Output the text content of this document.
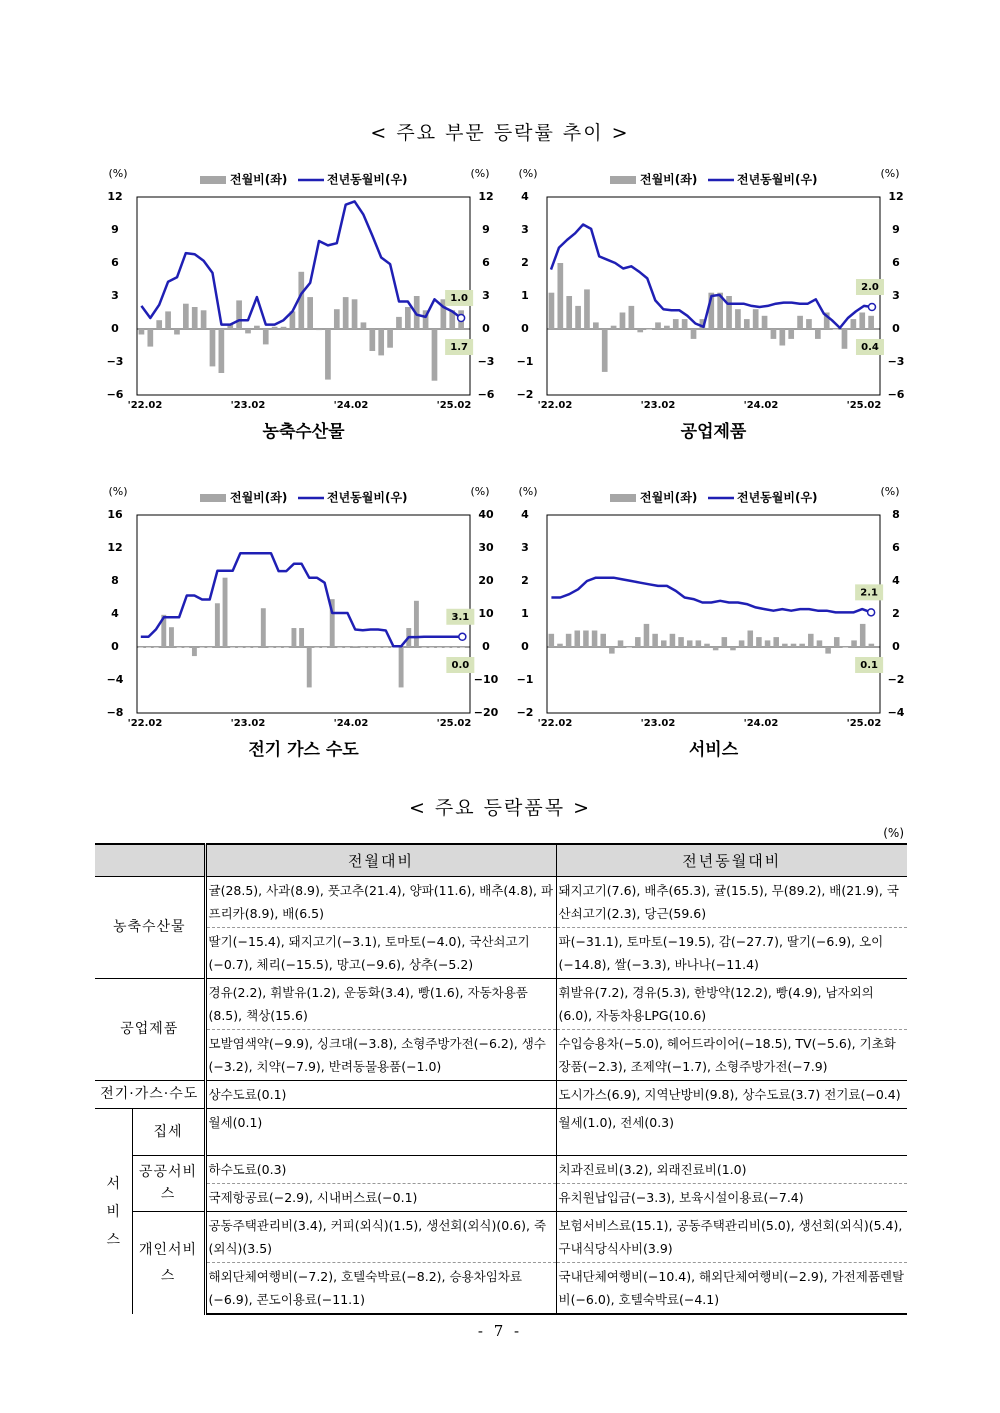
< 주요 부문 등락률 추이 >
(%)	(%)
12
9
6
3
0
−3
−6
12
9
6
3
0
−3
−6
전월비(좌)	전년동월비(우)
1.0
1.7
'22.02	'23.02	'24.02	'25.02
농축수산물
(%)	(%)
4
3
2
1
0
−1
−2
12
9
6
3
0
−3
−6
전월비(좌)	전년동월비(우)
2.0
0.4
'22.02	'23.02	'24.02	'25.02
공업제품
(%)	(%)
16
12
8
4
0
−4
−8
40
30
20
10
0
−10
−20
전월비(좌)	전년동월비(우)
3.1
0.0
'22.02	'23.02	'24.02	'25.02
전기 가스 수도
(%)	(%)
4
3
2
1
0
−1
−2
8
6
4
2
0
−2
−4
전월비(좌)	전년동월비(우)
2.1
0.1
'22.02	'23.02	'24.02	'25.02
서비스
< 주요 등락품목 >
(%)
		전월대비	전년동월대비
농축수산물		귤(28.5), 사과(8.9), 풋고추(21.4), 양파(11.6), 배추(4.8), 파프리카(8.9), 배(6.5)	돼지고기(7.6), 배추(65.3), 귤(15.5), 무(89.2), 배(21.9), 국산쇠고기(2.3), 당근(59.6)
		딸기(−15.4), 돼지고기(−3.1), 토마토(−4.0), 국산쇠고기(−0.7), 체리(−15.5), 망고(−9.6), 상추(−5.2)	파(−31.1), 토마토(−19.5), 감(−27.7), 딸기(−6.9), 오이(−14.8), 쌀(−3.3), 바나나(−11.4)
공업제품		경유(2.2), 휘발유(1.2), 운동화(3.4), 빵(1.6), 자동차용품(8.5), 책상(15.6)	휘발유(7.2), 경유(5.3), 한방약(12.2), 빵(4.9), 남자외의(6.0), 자동차용LPG(10.6)
		모발염색약(−9.9), 싱크대(−3.8), 소형주방가전(−6.2), 생수(−3.2), 치약(−7.9), 반려동물용품(−1.0)	수입승용차(−5.0), 헤어드라이어(−18.5), TV(−5.6), 기초화장품(−2.3), 조제약(−1.7), 소형주방가전(−7.9)
전기·가스·수도		상수도료(0.1)	도시가스(6.9), 지역난방비(9.8), 상수도료(3.7) 전기료(−0.4)
서비스	집세	월세(0.1)	월세(1.0), 전세(0.3)
	공공서비스	하수도료(0.3)	치과진료비(3.2), 외래진료비(1.0)
		국제항공료(−2.9), 시내버스료(−0.1)	유치원납입금(−3.3), 보육시설이용료(−7.4)
	개인서비스	공동주택관리비(3.4), 커피(외식)(1.5), 생선회(외식)(0.6), 죽(외식)(3.5)	보험서비스료(15.1), 공동주택관리비(5.0), 생선회(외식)(5.4), 구내식당식사비(3.9)
		해외단체여행비(−7.2), 호텔숙박료(−8.2), 승용차임차료(−6.9), 콘도이용료(−11.1)	국내단체여행비(−10.4), 해외단체여행비(−2.9), 가전제품렌탈비(−6.0), 호텔숙박료(−4.1)
- 7 -
